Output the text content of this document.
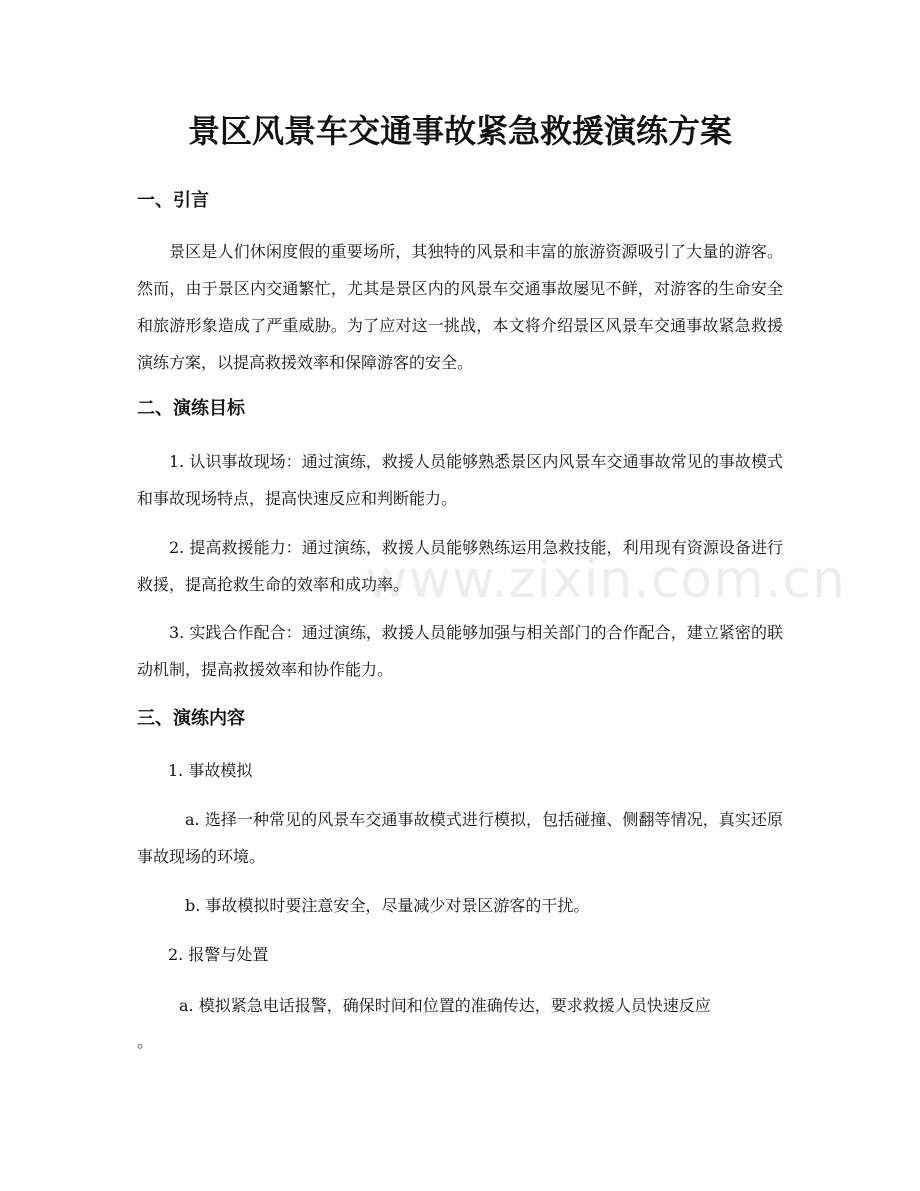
www.zixin.com.cn
景区风景车交通事故紧急救援演练方案
一、引言

景区是人们休闲度假的重要场所，其独特的风景和丰富的旅游资源吸引了大量的游客。然而，由于景区内交通繁忙，尤其是景区内的风景车交通事故屡见不鲜，对游客的生命安全和旅游形象造成了严重威胁。为了应对这一挑战，本文将介绍景区风景车交通事故紧急救援演练方案，以提高救援效率和保障游客的安全。

二、演练目标

1. 认识事故现场：通过演练，救援人员能够熟悉景区内风景车交通事故常见的事故模式和事故现场特点，提高快速反应和判断能力。

2. 提高救援能力：通过演练，救援人员能够熟练运用急救技能，利用现有资源设备进行救援，提高抢救生命的效率和成功率。

3. 实践合作配合：通过演练，救援人员能够加强与相关部门的合作配合，建立紧密的联动机制，提高救援效率和协作能力。

三、演练内容

1. 事故模拟

a. 选择一种常见的风景车交通事故模式进行模拟，包括碰撞、侧翻等情况，真实还原事故现场的环境。

b. 事故模拟时要注意安全，尽量减少对景区游客的干扰。

2. 报警与处置

a. 模拟紧急电话报警，确保时间和位置的准确传达，要求救援人员快速反应

。
